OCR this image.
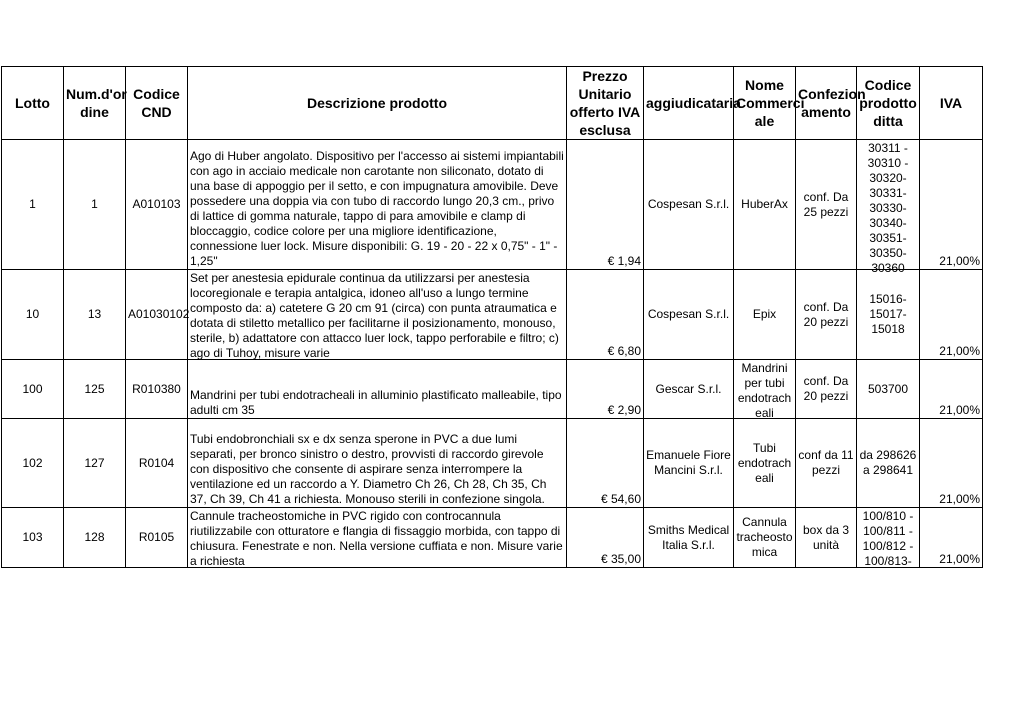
Lotto	Num.d'or dine	Codice CND	Descrizione prodotto	Prezzo Unitario offerto IVA esclusa	aggiudicataria	Nome Commerci ale	Confezion amento	Codice prodotto ditta	IVA
1	1	A010103	Ago di Huber angolato. Dispositivo per l'accesso ai sistemi impiantabili con ago in acciaio medicale non carotante non siliconato, dotato di una base di appoggio per il setto, e con impugnatura amovibile. Deve possedere una doppia via con tubo di raccordo lungo 20,3 cm., privo di lattice di gomma naturale, tappo di para amovibile e clamp di bloccaggio, codice colore per una migliore identificazione, connessione luer lock. Misure disponibili: G. 19 - 20 - 22 x 0,75" - 1" - 1,25"	€ 1,94	Cospesan S.r.l.	HuberAx	conf. Da 25 pezzi	30311 - 30310 - 30320- 30331- 30330- 30340- 30351- 30350- 30360	21,00%
10	13	A01030102	Set per anestesia epidurale continua da utilizzarsi per anestesia locoregionale e terapia antalgica, idoneo all'uso a lungo termine composto da: a) catetere G 20 cm 91 (circa) con punta atraumatica e dotata di stiletto metallico per facilitarne il posizionamento, monouso, sterile, b) adattatore con attacco luer lock, tappo perforabile e filtro; c) ago di Tuhoy, misure varie	€ 6,80	Cospesan S.r.l.	Epix	conf. Da 20 pezzi	15016- 15017- 15018	21,00%
100	125	R010380	Mandrini per tubi endotracheali in alluminio plastificato malleabile, tipo adulti cm 35	€ 2,90	Gescar S.r.l.	Mandrini per tubi endotrach eali	conf. Da 20 pezzi	503700	21,00%
102	127	R0104	Tubi endobronchiali sx e dx senza sperone in PVC a due lumi separati, per bronco sinistro o destro, provvisti di raccordo girevole con dispositivo che consente di aspirare senza interrompere la ventilazione ed un raccordo a Y. Diametro Ch 26, Ch 28, Ch 35, Ch 37, Ch 39, Ch 41 a richiesta. Monouso sterili in confezione singola.	€ 54,60	Emanuele Fiore Mancini S.r.l.	Tubi endotrach eali	conf da 11 pezzi	da 298626 a 298641	21,00%
103	128	R0105	Cannule tracheostomiche in PVC rigido con controcannula riutilizzabile con otturatore e flangia di fissaggio morbida, con tappo di chiusura. Fenestrate e non. Nella versione cuffiata e non. Misure varie a richiesta	€ 35,00	Smiths Medical Italia S.r.l.	Cannula tracheosto mica	box da 3 unità	100/810 - 100/811 - 100/812 - 100/813-	21,00%
